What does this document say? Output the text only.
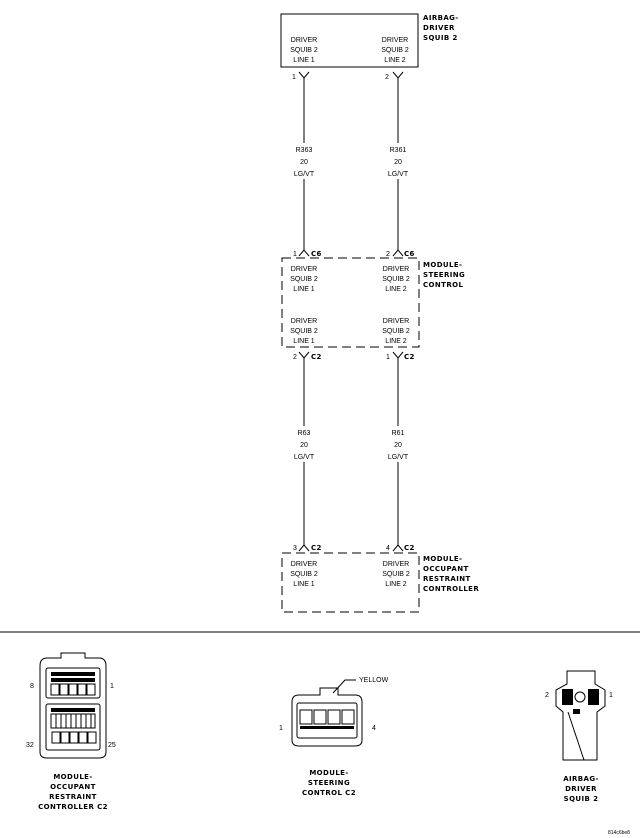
AIRBAG-
DRIVER
SQUIB 2
DRIVER
SQUIB 2
LINE 1
DRIVER
SQUIB 2
LINE 2
1	2
R363
20
LG/VT
R361
20
LG/VT
1 C6	2 C6
MODULE-
STEERING
CONTROL
DRIVER
SQUIB 2
LINE 1
DRIVER
SQUIB 2
LINE 2
DRIVER
SQUIB 2
LINE 1
DRIVER
SQUIB 2
LINE 2
2 C2	1 C2
R63
20
LG/VT
R61
20
LG/VT
3 C2	4 C2
MODULE-
OCCUPANT
RESTRAINT
CONTROLLER
DRIVER
SQUIB 2
LINE 1
DRIVER
SQUIB 2
LINE 2
8	1
32	25
MODULE-
OCCUPANT
RESTRAINT
CONTROLLER C2
YELLOW
1	4
MODULE-
STEERING
CONTROL C2
2	1
AIRBAG-
DRIVER
SQUIB 2
814c6be8
